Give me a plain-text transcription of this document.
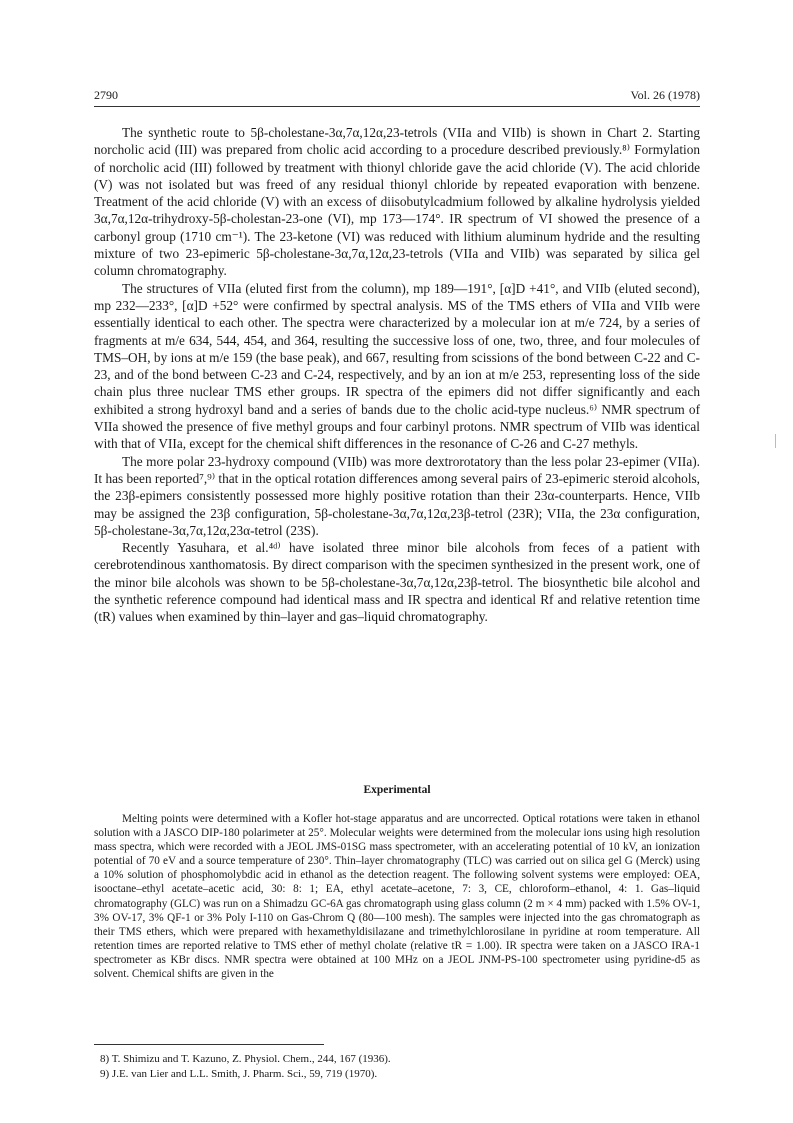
2790	Vol. 26 (1978)

The synthetic route to 5β-cholestane-3α,7α,12α,23-tetrols (VIIa and VIIb) is shown in Chart 2. Starting norcholic acid (III) was prepared from cholic acid according to a procedure described previously.⁸⁾ Formylation of norcholic acid (III) followed by treatment with thionyl chloride gave the acid chloride (V). The acid chloride (V) was not isolated but was freed of any residual thionyl chloride by repeated evaporation with benzene. Treatment of the acid chloride (V) with an excess of diisobutylcadmium followed by alkaline hydrolysis yielded 3α,7α,12α-trihydroxy-5β-cholestan-23-one (VI), mp 173—174°. IR spectrum of VI showed the presence of a carbonyl group (1710 cm⁻¹). The 23-ketone (VI) was reduced with lithium aluminum hydride and the resulting mixture of two 23-epimeric 5β-cholestane-3α,7α,12α,23-tetrols (VIIa and VIIb) was separated by silica gel column chromatography.

The structures of VIIa (eluted first from the column), mp 189—191°, [α]D +41°, and VIIb (eluted second), mp 232—233°, [α]D +52° were confirmed by spectral analysis. MS of the TMS ethers of VIIa and VIIb were essentially identical to each other. The spectra were characterized by a molecular ion at m/e 724, by a series of fragments at m/e 634, 544, 454, and 364, resulting the successive loss of one, two, three, and four molecules of TMS–OH, by ions at m/e 159 (the base peak), and 667, resulting from scissions of the bond between C-22 and C-23, and of the bond between C-23 and C-24, respectively, and by an ion at m/e 253, representing loss of the side chain plus three nuclear TMS ether groups. IR spectra of the epimers did not differ significantly and each exhibited a strong hydroxyl band and a series of bands due to the cholic acid-type nucleus.⁶⁾ NMR spectrum of VIIa showed the presence of five methyl groups and four carbinyl protons. NMR spectrum of VIIb was identical with that of VIIa, except for the chemical shift differences in the resonance of C-26 and C-27 methyls.

The more polar 23-hydroxy compound (VIIb) was more dextrorotatory than the less polar 23-epimer (VIIa). It has been reported⁷,⁹⁾ that in the optical rotation differences among several pairs of 23-epimeric steroid alcohols, the 23β-epimers consistently possessed more highly positive rotation than their 23α-counterparts. Hence, VIIb may be assigned the 23β configuration, 5β-cholestane-3α,7α,12α,23β-tetrol (23R); VIIa, the 23α configuration, 5β-cholestane-3α,7α,12α,23α-tetrol (23S).

Recently Yasuhara, et al.⁴ᵈ⁾ have isolated three minor bile alcohols from feces of a patient with cerebrotendinous xanthomatosis. By direct comparison with the specimen synthesized in the present work, one of the minor bile alcohols was shown to be 5β-cholestane-3α,7α,12α,23β-tetrol. The biosynthetic bile alcohol and the synthetic reference compound had identical mass and IR spectra and identical Rf and relative retention time (tR) values when examined by thin–layer and gas–liquid chromatography.

Experimental

Melting points were determined with a Kofler hot-stage apparatus and are uncorrected. Optical rotations were taken in ethanol solution with a JASCO DIP-180 polarimeter at 25°. Molecular weights were determined from the molecular ions using high resolution mass spectra, which were recorded with a JEOL JMS-01SG mass spectrometer, with an accelerating potential of 10 kV, an ionization potential of 70 eV and a source temperature of 230°. Thin–layer chromatography (TLC) was carried out on silica gel G (Merck) using a 10% solution of phosphomolybdic acid in ethanol as the detection reagent. The following solvent systems were employed: OEA, isooctane–ethyl acetate–acetic acid, 30: 8: 1; EA, ethyl acetate–acetone, 7: 3, CE, chloroform–ethanol, 4: 1. Gas–liquid chromatography (GLC) was run on a Shimadzu GC-6A gas chromatograph using glass column (2 m × 4 mm) packed with 1.5% OV-1, 3% OV-17, 3% QF-1 or 3% Poly I-110 on Gas-Chrom Q (80—100 mesh). The samples were injected into the gas chromatograph as their TMS ethers, which were prepared with hexamethyldisilazane and trimethylchlorosilane in pyridine at room temperature. All retention times are reported relative to TMS ether of methyl cholate (relative tR = 1.00). IR spectra were taken on a JASCO IRA-1 spectrometer as KBr discs. NMR spectra were obtained at 100 MHz on a JEOL JNM-PS-100 spectrometer using pyridine-d5 as solvent. Chemical shifts are given in the

8) T. Shimizu and T. Kazuno, Z. Physiol. Chem., 244, 167 (1936).
9) J.E. van Lier and L.L. Smith, J. Pharm. Sci., 59, 719 (1970).
